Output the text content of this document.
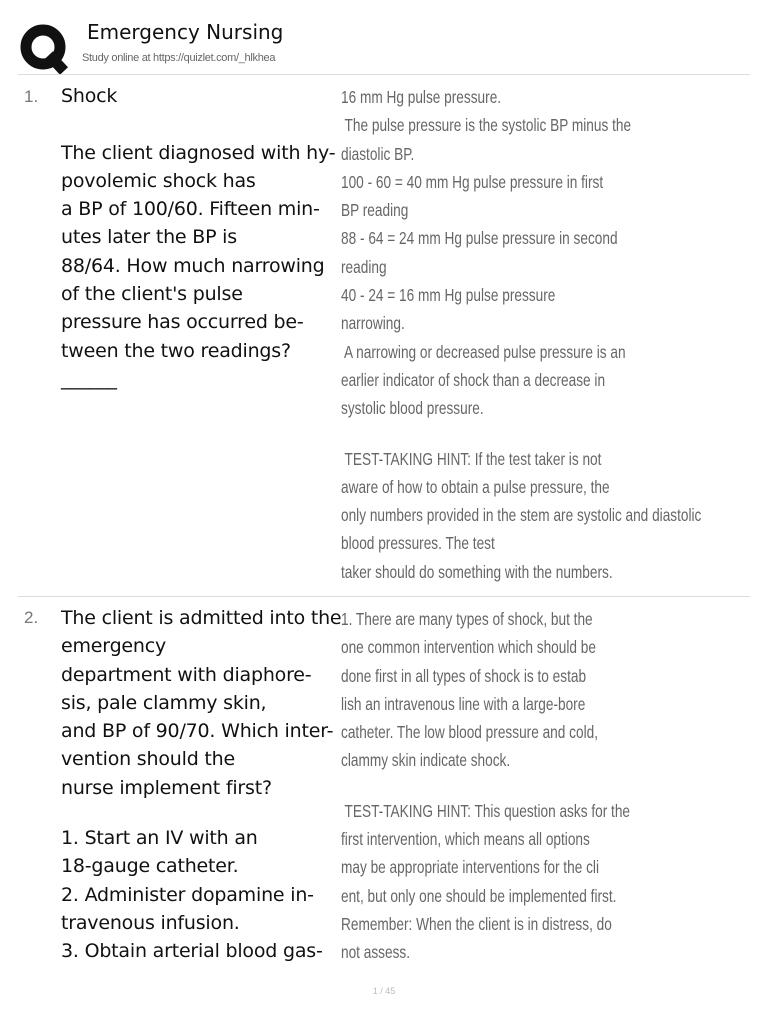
Emergency Nursing
Study online at https://quizlet.com/_hlkhea
1. Shock

The client diagnosed with hy-
povolemic shock has
a BP of 100/60. Fifteen min-
utes later the BP is
88/64. How much narrowing
of the client's pulse
pressure has occurred be-
tween the two readings?
______
16 mm Hg pulse pressure.
The pulse pressure is the systolic BP minus the
diastolic BP.
100 - 60 = 40 mm Hg pulse pressure in first
BP reading
88 - 64 = 24 mm Hg pulse pressure in second
reading
40 - 24 = 16 mm Hg pulse pressure
narrowing.
A narrowing or decreased pulse pressure is an
earlier indicator of shock than a decrease in
systolic blood pressure.
TEST-TAKING HINT: If the test taker is not
aware of how to obtain a pulse pressure, the
only numbers provided in the stem are systolic and diastolic
blood pressures. The test
taker should do something with the numbers.
2. The client is admitted into the
emergency
department with diaphore-
sis, pale clammy skin,
and BP of 90/70. Which inter-
vention should the
nurse implement first?
1. Start an IV with an
18-gauge catheter.
2. Administer dopamine in-
travenous infusion.
3. Obtain arterial blood gas-
1. There are many types of shock, but the
one common intervention which should be
done first in all types of shock is to estab
lish an intravenous line with a large-bore
catheter. The low blood pressure and cold,
clammy skin indicate shock.
TEST-TAKING HINT: This question asks for the
first intervention, which means all options
may be appropriate interventions for the cli
ent, but only one should be implemented first.
Remember: When the client is in distress, do
not assess.
1 / 45
